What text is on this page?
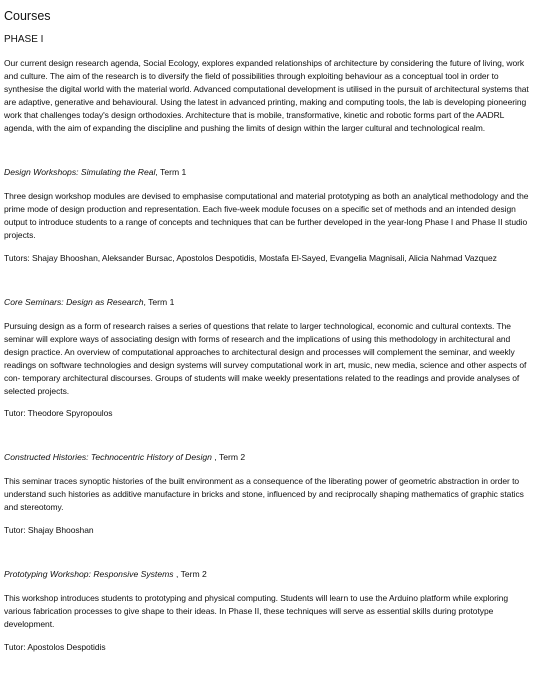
Courses
PHASE I

Our current design research agenda, Social Ecology, explores expanded relationships of architecture by considering the future of living, work and culture. The aim of the research is to diversify the field of possibilities through exploiting behaviour as a conceptual tool in order to synthesise the digital world with the material world. Advanced computational development is utilised in the pursuit of architectural systems that are adaptive, generative and behavioural. Using the latest in advanced printing, making and computing tools, the lab is developing pioneering work that challenges today's design orthodoxies. Architecture that is mobile, transformative, kinetic and robotic forms part of the AADRL agenda, with the aim of expanding the discipline and pushing the limits of design within the larger cultural and technological realm.

Design Workshops: Simulating the Real, Term 1

Three design workshop modules are devised to emphasise computational and material prototyping as both an analytical methodology and the prime mode of design production and representation. Each five-week module focuses on a specific set of methods and an intended design output to introduce students to a range of concepts and techniques that can be further developed in the year-long Phase I and Phase II studio projects.

Tutors: Shajay Bhooshan, Aleksander Bursac, Apostolos Despotidis, Mostafa El-Sayed, Evangelia Magnisali, Alicia Nahmad Vazquez

Core Seminars: Design as Research, Term 1

Pursuing design as a form of research raises a series of questions that relate to larger technological, economic and cultural contexts. The seminar will explore ways of associating design with forms of research and the implications of using this methodology in architectural and design practice. An overview of computational approaches to architectural design and processes will complement the seminar, and weekly readings on software technologies and design systems will survey computational work in art, music, new media, science and other aspects of con- temporary architectural discourses. Groups of students will make weekly presentations related to the readings and provide analyses of selected projects.

Tutor: Theodore Spyropoulos

Constructed Histories: Technocentric History of Design , Term 2

This seminar traces synoptic histories of the built environment as a consequence of the liberating power of geometric abstraction in order to understand such histories as additive manufacture in bricks and stone, influenced by and reciprocally shaping mathematics of graphic statics and stereotomy.

Tutor: Shajay Bhooshan

Prototyping Workshop: Responsive Systems , Term 2

This workshop introduces students to prototyping and physical computing. Students will learn to use the Arduino platform while exploring various fabrication processes to give shape to their ideas. In Phase II, these techniques will serve as essential skills during prototype development.

Tutor: Apostolos Despotidis
